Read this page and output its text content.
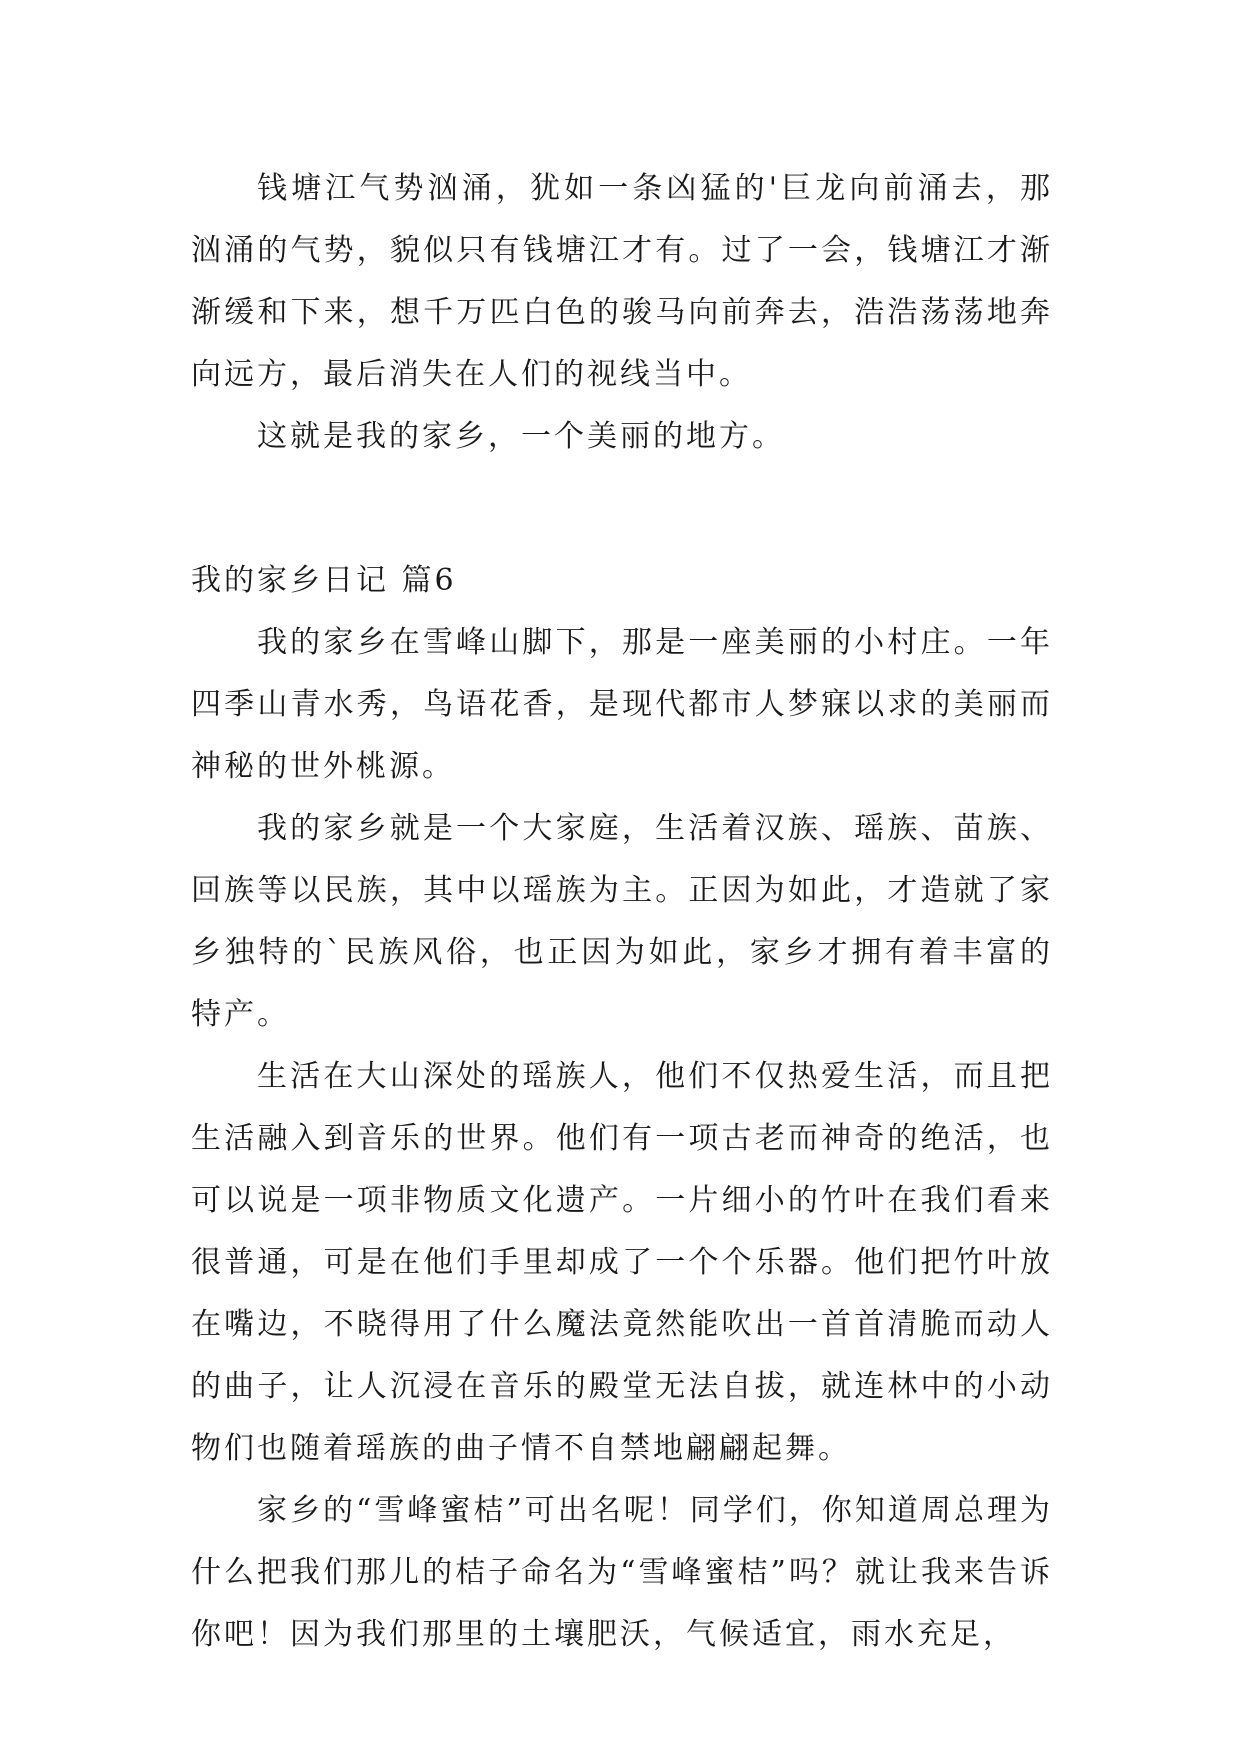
钱塘江气势汹涌，犹如一条凶猛的'巨龙向前涌去，那汹涌的气势，貌似只有钱塘江才有。过了一会，钱塘江才渐渐缓和下来，想千万匹白色的骏马向前奔去，浩浩荡荡地奔向远方，最后消失在人们的视线当中。

这就是我的家乡，一个美丽的地方。

我的家乡日记 篇6

我的家乡在雪峰山脚下，那是一座美丽的小村庄。一年四季山青水秀，鸟语花香，是现代都市人梦寐以求的美丽而神秘的世外桃源。

我的家乡就是一个大家庭，生活着汉族、瑶族、苗族、回族等以民族，其中以瑶族为主。正因为如此，才造就了家乡独特的`民族风俗，也正因为如此，家乡才拥有着丰富的特产。

生活在大山深处的瑶族人，他们不仅热爱生活，而且把生活融入到音乐的世界。他们有一项古老而神奇的绝活，也可以说是一项非物质文化遗产。一片细小的竹叶在我们看来很普通，可是在他们手里却成了一个个乐器。他们把竹叶放在嘴边，不晓得用了什么魔法竟然能吹出一首首清脆而动人的曲子，让人沉浸在音乐的殿堂无法自拔，就连林中的小动物们也随着瑶族的曲子情不自禁地翩翩起舞。

家乡的“雪峰蜜桔”可出名呢！同学们，你知道周总理为什么把我们那儿的桔子命名为“雪峰蜜桔”吗？就让我来告诉你吧！因为我们那里的土壤肥沃，气候适宜，雨水充足，
